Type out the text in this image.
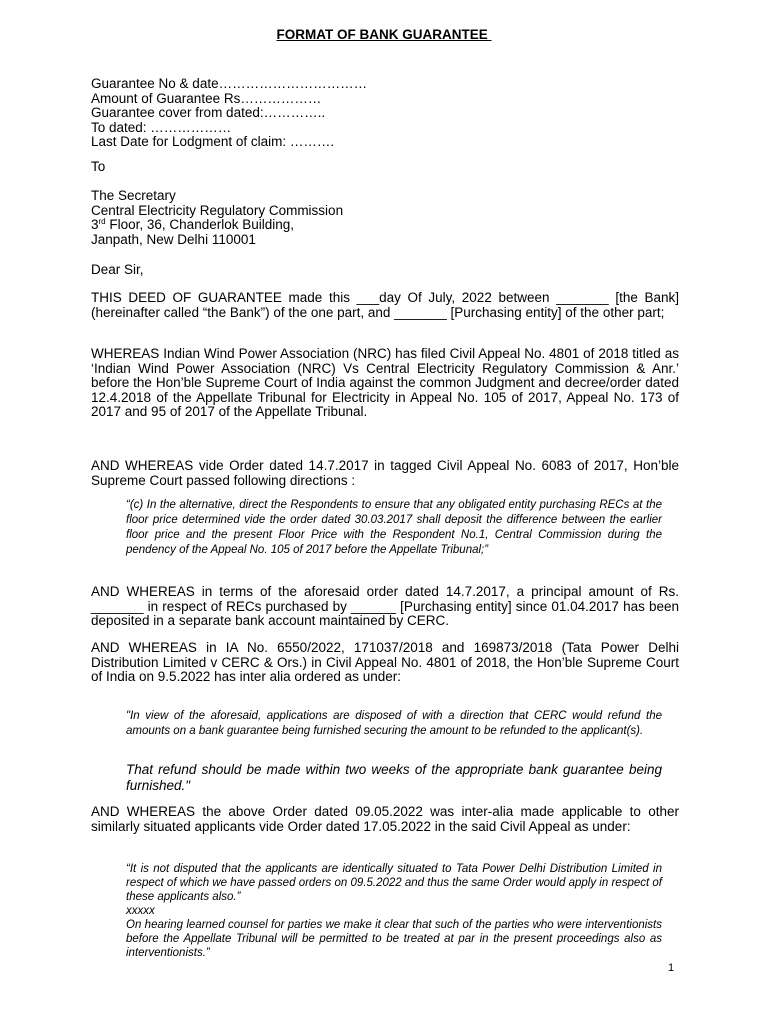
FORMAT OF BANK GUARANTEE
Guarantee No & date……………………………
Amount of Guarantee Rs………………
Guarantee cover from dated:…………..
To dated: ………………
Last Date for Lodgment of claim: ……….
To
The Secretary
Central Electricity Regulatory Commission
3rd Floor, 36, Chanderlok Building,
Janpath, New Delhi 110001
Dear Sir,
THIS DEED OF GUARANTEE made this ___day Of July, 2022 between _______ [the Bank] (hereinafter called “the Bank”) of the one part, and _______ [Purchasing entity] of the other part;
WHEREAS Indian Wind Power Association (NRC) has filed Civil Appeal No. 4801 of 2018 titled as ‘Indian Wind Power Association (NRC) Vs Central Electricity Regulatory Commission & Anr.’ before the Hon’ble Supreme Court of India against the common Judgment and decree/order dated 12.4.2018 of the Appellate Tribunal for Electricity in Appeal No. 105 of 2017, Appeal No. 173 of 2017 and 95 of 2017 of the Appellate Tribunal.
AND WHEREAS vide Order dated 14.7.2017 in tagged Civil Appeal No. 6083 of 2017, Hon’ble Supreme Court passed following directions :
“(c) In the alternative, direct the Respondents to ensure that any obligated entity purchasing RECs at the floor price determined vide the order dated 30.03.2017 shall deposit the difference between the earlier floor price and the present Floor Price with the Respondent No.1, Central Commission during the pendency of the Appeal No. 105 of 2017 before the Appellate Tribunal;”
AND WHEREAS in terms of the aforesaid order dated 14.7.2017, a principal amount of Rs. _______ in respect of RECs purchased by ______ [Purchasing entity] since 01.04.2017 has been deposited in a separate bank account maintained by CERC.
AND WHEREAS in IA No. 6550/2022, 171037/2018 and 169873/2018 (Tata Power Delhi Distribution Limited v CERC & Ors.) in Civil Appeal No. 4801 of 2018, the Hon’ble Supreme Court of India on 9.5.2022 has inter alia ordered as under:
"In view of the aforesaid, applications are disposed of with a direction that CERC would refund the amounts on a bank guarantee being furnished securing the amount to be refunded to the applicant(s).
That refund should be made within two weeks of the appropriate bank guarantee being furnished."
AND WHEREAS the above Order dated 09.05.2022 was inter-alia made applicable to other similarly situated applicants vide Order dated 17.05.2022 in the said Civil Appeal as under:
“It is not disputed that the applicants are identically situated to Tata Power Delhi Distribution Limited in respect of which we have passed orders on 09.5.2022 and thus the same Order would apply in respect of these applicants also.”
xxxxx
On hearing learned counsel for parties we make it clear that such of the parties who were interventionists before the Appellate Tribunal will be permitted to be treated at par in the present proceedings also as interventionists.”
1
